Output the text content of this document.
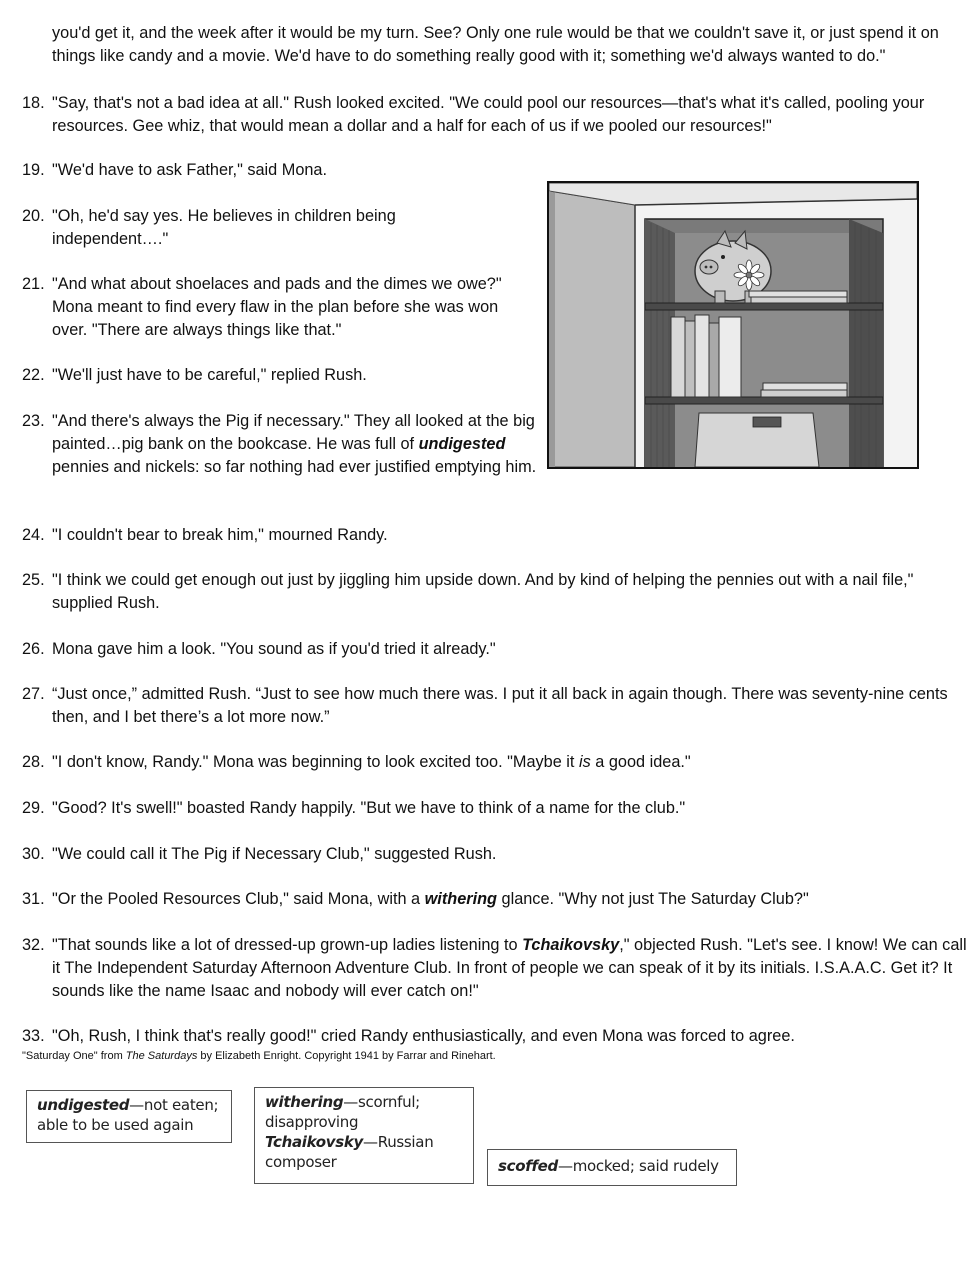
you'd get it, and the week after it would be my turn. See? Only one rule would be that we couldn't save it, or just spend it on things like candy and a movie. We'd have to do something really good with it; something we'd always wanted to do."
18. "Say, that's not a bad idea at all." Rush looked excited. "We could pool our resources—that's what it's called, pooling your resources. Gee whiz, that would mean a dollar and a half for each of us if we pooled our resources!"
19. "We'd have to ask Father," said Mona.
20. "Oh, he'd say yes. He believes in children being independent…."
21. "And what about shoelaces and pads and the dimes we owe?" Mona meant to find every flaw in the plan before she was won over. "There are always things like that."
22. "We'll just have to be careful," replied Rush.
23. "And there's always the Pig if necessary." They all looked at the big painted…pig bank on the bookcase. He was full of undigested pennies and nickels: so far nothing had ever justified emptying him.
24. "I couldn't bear to break him," mourned Randy.
25. "I think we could get enough out just by jiggling him upside down. And by kind of helping the pennies out with a nail file," supplied Rush.
26. Mona gave him a look. "You sound as if you'd tried it already."
27. “Just once,” admitted Rush. “Just to see how much there was. I put it all back in again though. There was seventy-nine cents then, and I bet there’s a lot more now.”
28. "I don't know, Randy." Mona was beginning to look excited too. "Maybe it is a good idea."
29. "Good? It's swell!" boasted Randy happily. "But we have to think of a name for the club."
30. "We could call it The Pig if Necessary Club," suggested Rush.
31. "Or the Pooled Resources Club," said Mona, with a withering glance. "Why not just The Saturday Club?"
32. "That sounds like a lot of dressed-up grown-up ladies listening to Tchaikovsky," objected Rush. "Let's see. I know! We can call it The Independent Saturday Afternoon Adventure Club. In front of people we can speak of it by its initials. I.S.A.A.C. Get it? It sounds like the name Isaac and nobody will ever catch on!"
33. "Oh, Rush, I think that's really good!" cried Randy enthusiastically, and even Mona was forced to agree.
"Saturday One" from The Saturdays by Elizabeth Enright. Copyright 1941 by Farrar and Rinehart.
undigested—not eaten; able to be used again
withering—scornful; disapproving
Tchaikovsky—Russian composer	scoffed—mocked; said rudely
